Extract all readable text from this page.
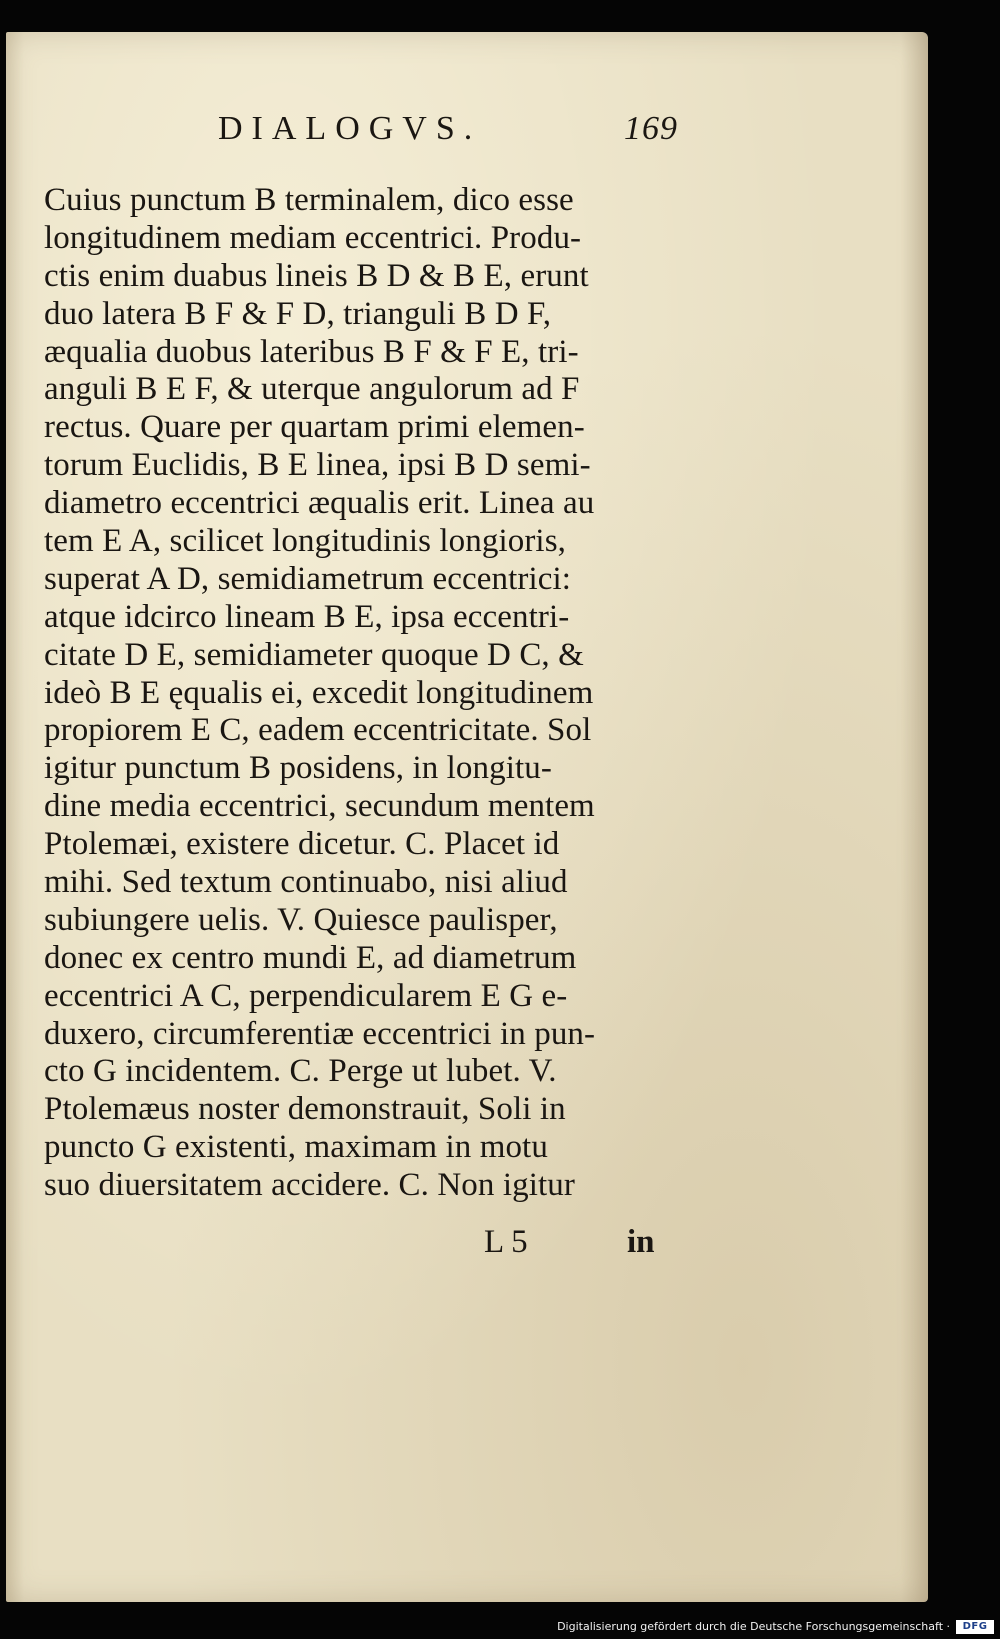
DIALOGVS.	169
Cuius punctum B terminalem, dico esse
longitudinem mediam eccentrici. Produ-
ctis enim duabus lineis B D & B E, erunt
duo latera B F & F D, trianguli B D F,
æqualia duobus lateribus B F & F E, tri-
anguli B E F, & uterque angulorum ad F
rectus. Quare per quartam primi elemen-
torum Euclidis, B E linea, ipsi B D semi-
diametro eccentrici æqualis erit. Linea au
tem E A, scilicet longitudinis longioris,
superat A D, semidiametrum eccentrici:
atque idcirco lineam B E, ipsa eccentri-
citate D E, semidiameter quoque D C, &
ideò B E ęqualis ei, excedit longitudinem
propiorem E C, eadem eccentricitate. Sol
igitur punctum B posidens, in longitu-
dine media eccentrici, secundum mentem
Ptolemæi, existere dicetur. C. Placet id
mihi. Sed textum continuabo, nisi aliud
subiungere uelis. V. Quiesce paulisper,
donec ex centro mundi E, ad diametrum
eccentrici A C, perpendicularem E G e-
duxero, circumferentiæ eccentrici in pun-
cto G incidentem. C. Perge ut lubet. V.
Ptolemæus noster demonstrauit, Soli in
puncto G existenti, maximam in motu
suo diuersitatem accidere. C. Non igitur
L 5	in
Digitalisierung gefördert durch die Deutsche Forschungsgemeinschaft ·	DFG
